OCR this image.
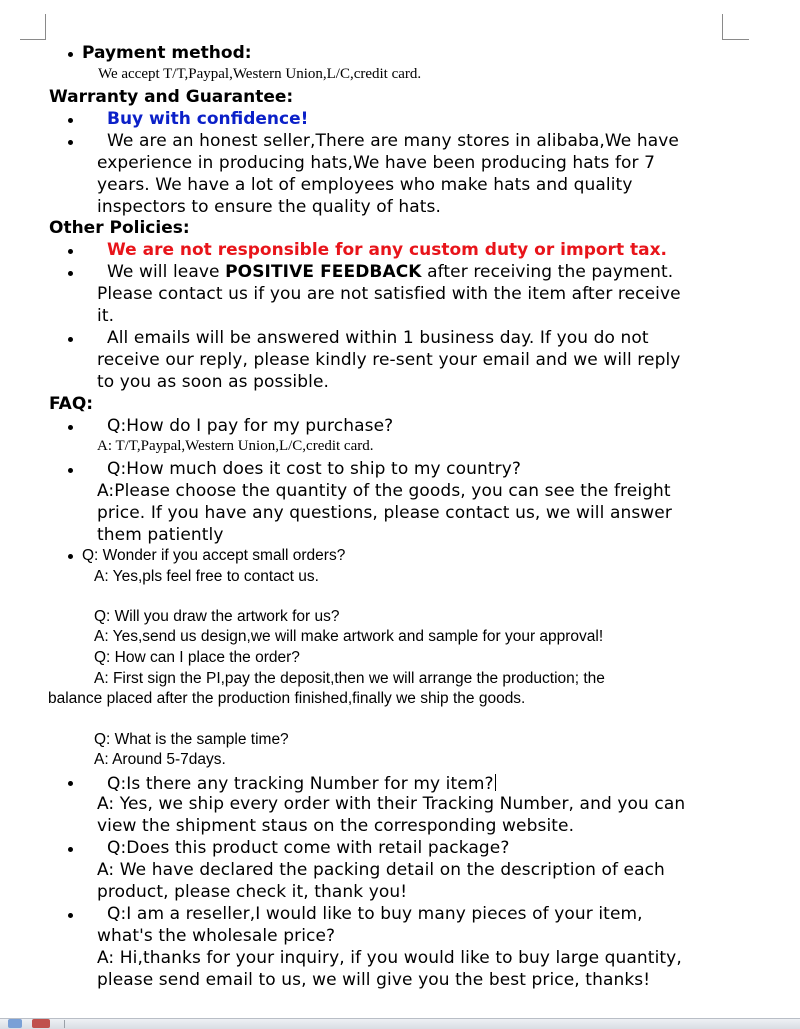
Payment method:
We accept T/T,Paypal,Western Union,L/C,credit card.
Warranty and Guarantee:
Buy with confidence!
We are an honest seller,There are many stores in alibaba,We have
experience in producing hats,We have been producing hats for 7
years. We have a lot of employees who make hats and quality
inspectors to ensure the quality of hats.
Other Policies:
We are not responsible for any custom duty or import tax.
We will leave POSITIVE FEEDBACK after receiving the payment.
Please contact us if you are not satisfied with the item after receive
it.
All emails will be answered within 1 business day. If you do not
receive our reply, please kindly re-sent your email and we will reply
to you as soon as possible.
FAQ:
Q:How do I pay for my purchase?
A: T/T,Paypal,Western Union,L/C,credit card.
Q:How much does it cost to ship to my country?
A:Please choose the quantity of the goods, you can see the freight
price. If you have any questions, please contact us, we will answer
them patiently
Q: Wonder if you accept small orders?
A: Yes,pls feel free to contact us.
Q: Will you draw the artwork for us?
A: Yes,send us design,we will make artwork and sample for your approval!
Q: How can I place the order?
A: First sign the PI,pay the deposit,then we will arrange the production; the
balance placed after the production finished,finally we ship the goods.
Q: What is the sample time?
A: Around 5-7days.
Q:Is there any tracking Number for my item?
A: Yes, we ship every order with their Tracking Number, and you can
view the shipment staus on the corresponding website.
Q:Does this product come with retail package?
A: We have declared the packing detail on the description of each
product, please check it, thank you!
Q:I am a reseller,I would like to buy many pieces of your item,
what's the wholesale price?
A: Hi,thanks for your inquiry, if you would like to buy large quantity,
please send email to us, we will give you the best price, thanks!
